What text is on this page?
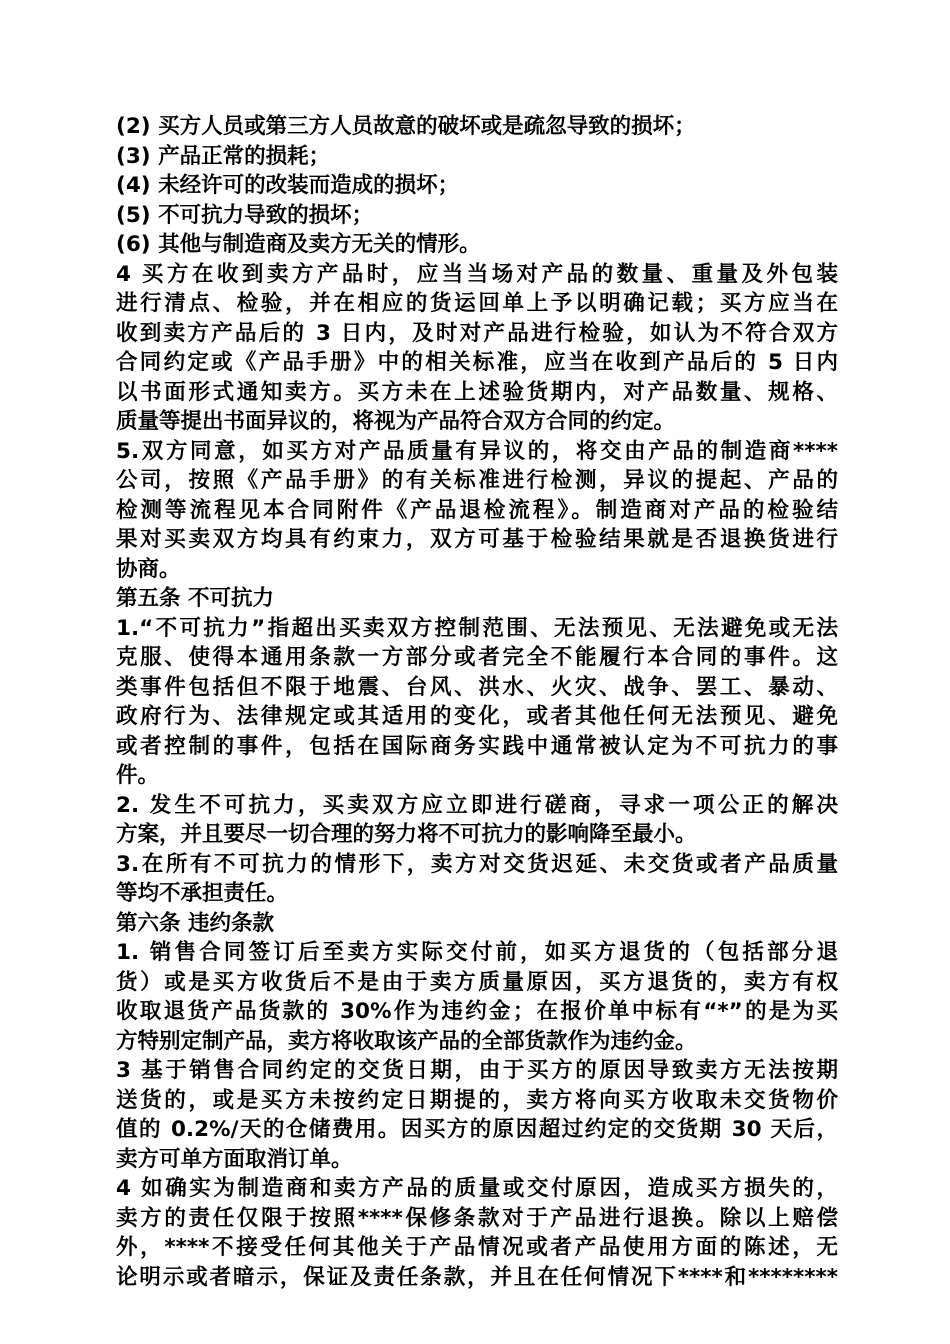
(2) 买方人员或第三方人员故意的破坏或是疏忽导致的损坏；
(3) 产品正常的损耗；
(4) 未经许可的改装而造成的损坏；
(5) 不可抗力导致的损坏；
(6) 其他与制造商及卖方无关的情形。
4 买方在收到卖方产品时，应当当场对产品的数量、重量及外包装
进行清点、检验，并在相应的货运回单上予以明确记载；买方应当在
收到卖方产品后的 3 日内，及时对产品进行检验，如认为不符合双方
合同约定或《产品手册》中的相关标准，应当在收到产品后的 5 日内
以书面形式通知卖方。买方未在上述验货期内，对产品数量、规格、
质量等提出书面异议的，将视为产品符合双方合同的约定。
5.双方同意，如买方对产品质量有异议的，将交由产品的制造商****
公司，按照《产品手册》的有关标准进行检测，异议的提起、产品的
检测等流程见本合同附件《产品退检流程》。制造商对产品的检验结
果对买卖双方均具有约束力，双方可基于检验结果就是否退换货进行
协商。
第五条 不可抗力
1.“不可抗力”指超出买卖双方控制范围、无法预见、无法避免或无法
克服、使得本通用条款一方部分或者完全不能履行本合同的事件。这
类事件包括但不限于地震、台风、洪水、火灾、战争、罢工、暴动、
政府行为、法律规定或其适用的变化，或者其他任何无法预见、避免
或者控制的事件，包括在国际商务实践中通常被认定为不可抗力的事
件。
2. 发生不可抗力，买卖双方应立即进行磋商，寻求一项公正的解决
方案，并且要尽一切合理的努力将不可抗力的影响降至最小。
3.在所有不可抗力的情形下，卖方对交货迟延、未交货或者产品质量
等均不承担责任。
第六条 违约条款
1. 销售合同签订后至卖方实际交付前，如买方退货的（包括部分退
货）或是买方收货后不是由于卖方质量原因，买方退货的，卖方有权
收取退货产品货款的 30%作为违约金；在报价单中标有“*”的是为买
方特别定制产品，卖方将收取该产品的全部货款作为违约金。
3 基于销售合同约定的交货日期，由于买方的原因导致卖方无法按期
送货的，或是买方未按约定日期提的，卖方将向买方收取未交货物价
值的 0.2%/天的仓储费用。因买方的原因超过约定的交货期 30 天后，
卖方可单方面取消订单。
4 如确实为制造商和卖方产品的质量或交付原因，造成买方损失的，
卖方的责任仅限于按照****保修条款对于产品进行退换。除以上赔偿
外，****不接受任何其他关于产品情况或者产品使用方面的陈述，无
论明示或者暗示，保证及责任条款，并且在任何情况下****和********
